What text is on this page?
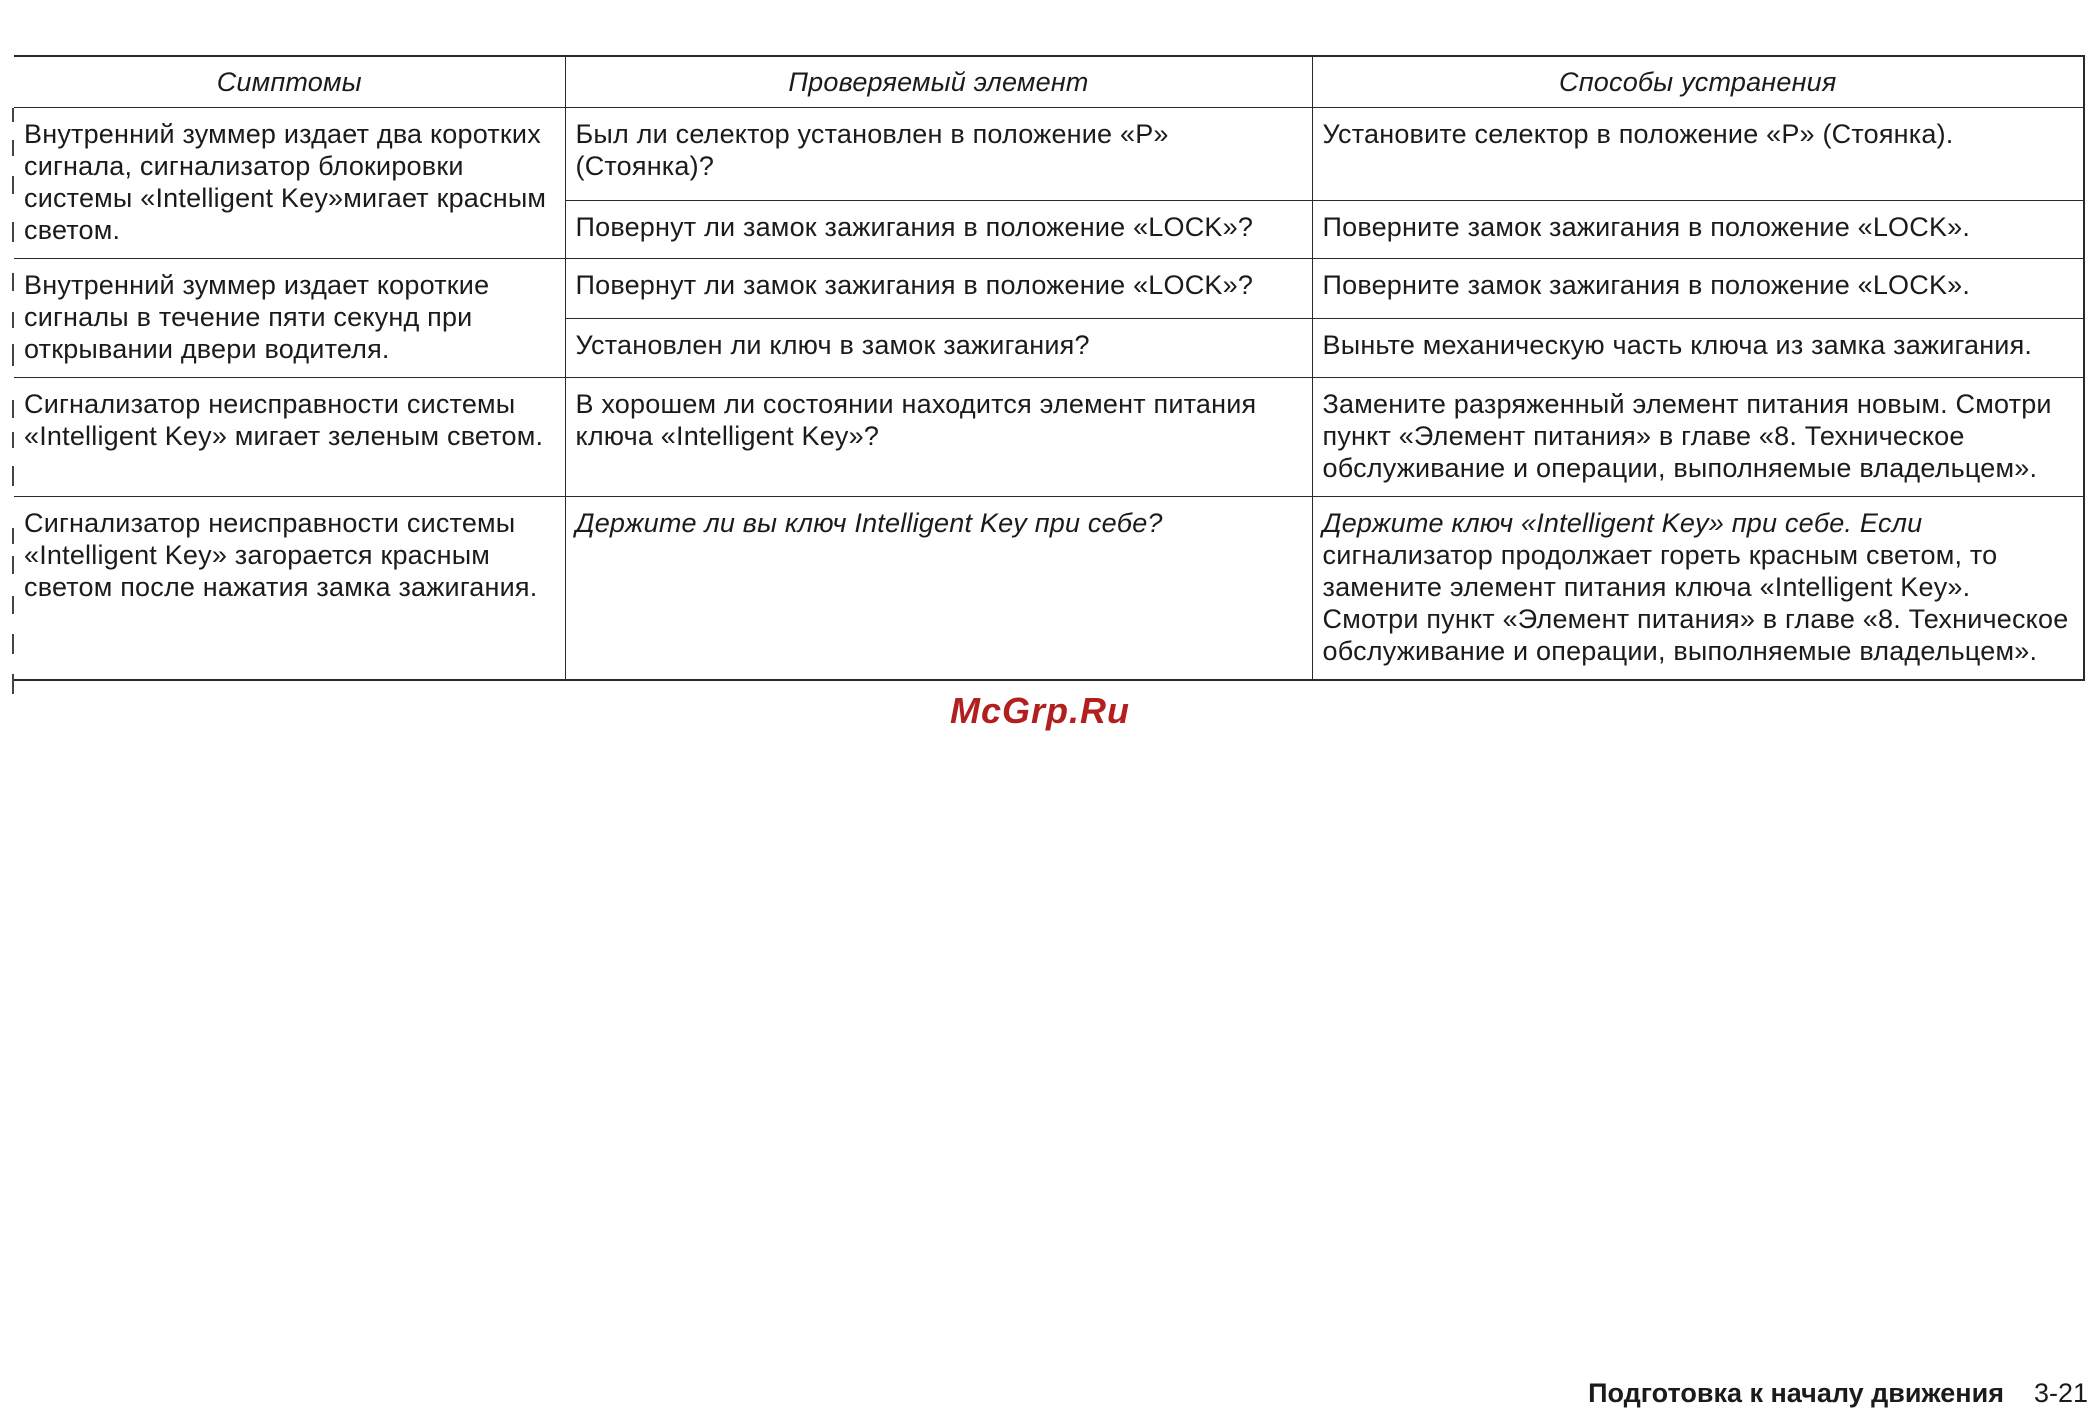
Симптомы	Проверяемый элемент	Способы устранения
Внутренний зуммер издает два коротких сигнала, сигнализатор блокировки системы «Intelligent Key»мигает красным светом.	Был ли селектор установлен в положение «P» (Стоянка)?	Установите селектор в положение «P» (Стоянка).
	Повернут ли замок зажигания в положение «LOCK»?	Поверните замок зажигания в положение «LOCK».
Внутренний зуммер издает короткие сигналы в течение пяти секунд при открывании двери водителя.	Повернут ли замок зажигания в положение «LOCK»?	Поверните замок зажигания в положение «LOCK».
	Установлен ли ключ в замок зажигания?	Выньте механическую часть ключа из замка зажигания.
Сигнализатор неисправности системы «Intelligent Key» мигает зеленым светом.	В хорошем ли состоянии находится элемент питания ключа «Intelligent Key»?	Замените разряженный элемент питания новым. Смотри пункт «Элемент питания» в главе «8. Техническое обслуживание и операции, выполняемые владельцем».
Сигнализатор неисправности системы «Intelligent Key» загорается красным светом после нажатия замка зажигания.	Держите ли вы ключ Intelligent Key при себе?	Держите ключ «Intelligent Key» при себе. Если сигнализатор продолжает гореть красным светом, то замените элемент питания ключа «Intelligent Key». Смотри пункт «Элемент питания» в главе «8. Техническое обслуживание и операции, выполняемые владельцем».
McGrp.Ru
Подготовка к началу движения 3-21
